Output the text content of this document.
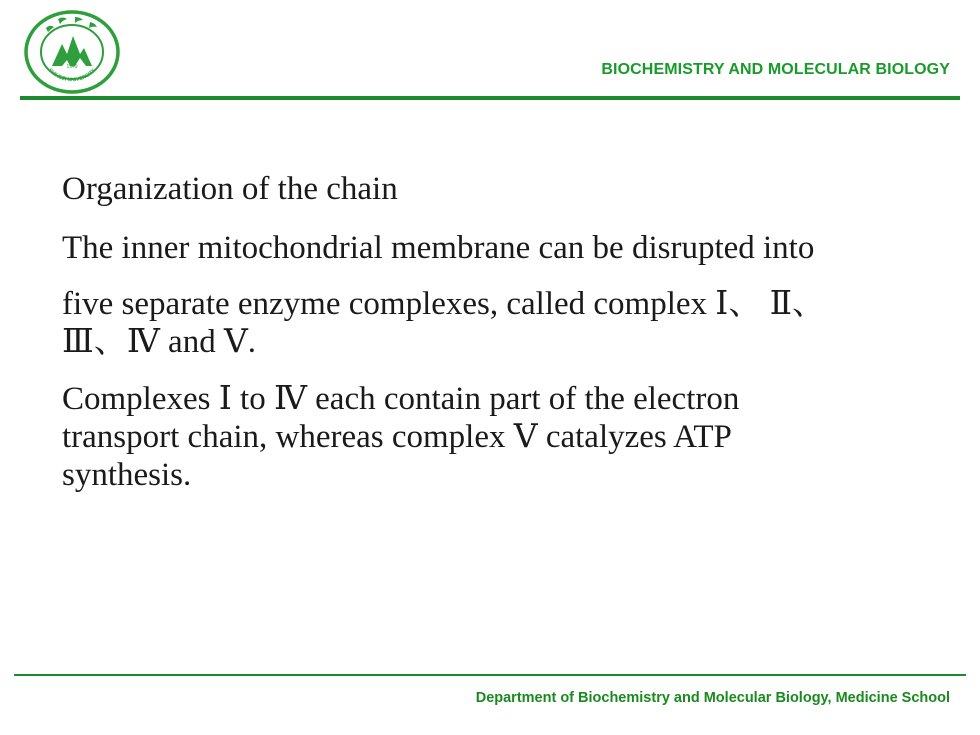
1949
SHIHEZI UNIVERSITY	BIOCHEMISTRY AND MOLECULAR BIOLOGY

Organization of the chain

The inner mitochondrial membrane can be disrupted into

five separate enzyme complexes, called complex Ⅰ、 Ⅱ、
Ⅲ、Ⅳ and Ⅴ.

Complexes Ⅰ to Ⅳ each contain part of the electron
transport chain, whereas complex Ⅴ catalyzes ATP
synthesis.

Department of Biochemistry and Molecular Biology, Medicine School
